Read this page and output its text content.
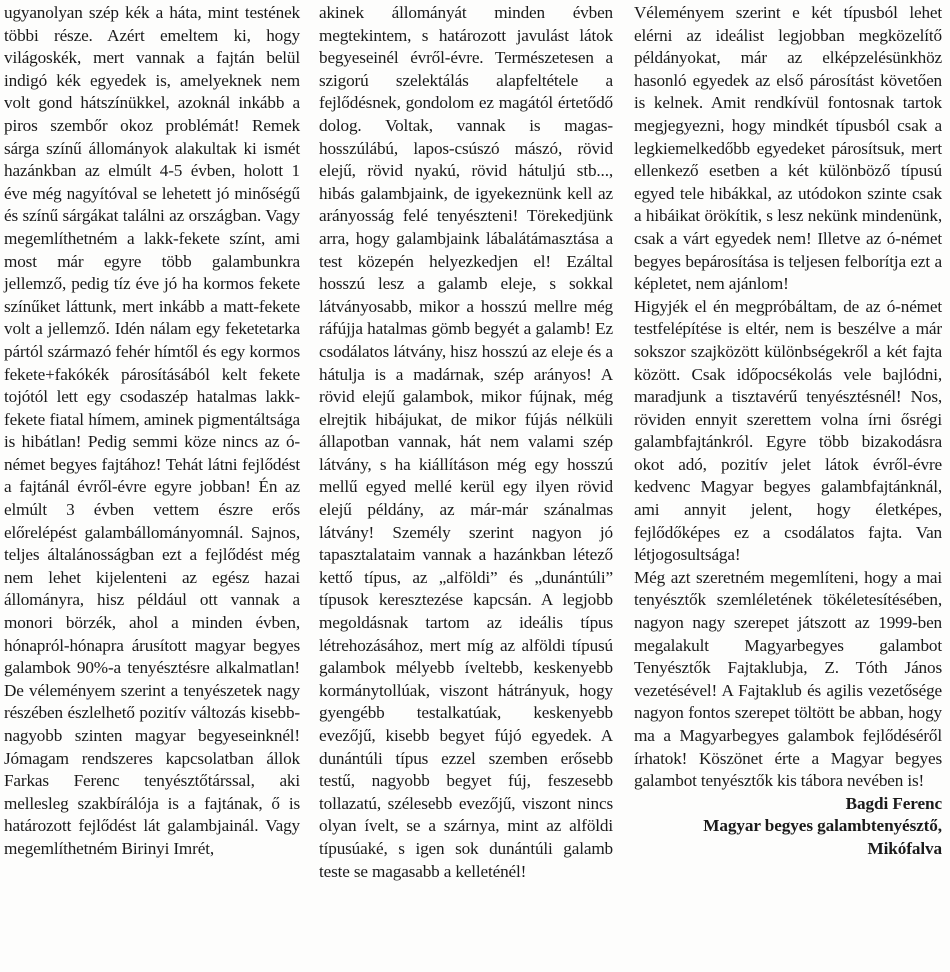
ugyanolyan szép kék a háta, mint testének többi része. Azért emeltem ki, hogy világoskék, mert vannak a fajtán belül indigó kék egyedek is, amelyeknek nem volt gond hátszínükkel, azoknál inkább a piros szembőr okoz problémát! Remek sárga színű állományok alakultak ki ismét hazánkban az elmúlt 4-5 évben, holott 1 éve még nagyítóval se lehetett jó minőségű és színű sárgákat találni az országban. Vagy megemlíthetném a lakk-fekete színt, ami most már egyre több galambunkra jellemző, pedig tíz éve jó ha kormos fekete színűket láttunk, mert inkább a matt-fekete volt a jellemző. Idén nálam egy feketetarka pártól származó fehér hímtől és egy kormos fekete+fakókék párosításából kelt fekete tojótól lett egy csodaszép hatalmas lakk-fekete fiatal hímem, aminek pigmentáltsága is hibátlan! Pedig semmi köze nincs az ó-német begyes fajtához! Tehát látni fejlődést a fajtánál évről-évre egyre jobban! Én az elmúlt 3 évben vettem észre erős előrelépést galambállományomnál. Sajnos, teljes általánosságban ezt a fejlődést még nem lehet kijelenteni az egész hazai állományra, hisz például ott vannak a monori börzék, ahol a minden évben, hónapról-hónapra árusított magyar begyes galambok 90%-a tenyésztésre alkalmatlan! De véleményem szerint a tenyészetek nagy részében észlelhető pozitív változás kisebb-nagyobb szinten magyar begyeseinknél! Jómagam rendszeres kapcsolatban állok Farkas Ferenc tenyésztőtárssal, aki mellesleg szakbírálója is a fajtának, ő is határozott fejlődést lát galambjainál. Vagy megemlíthetném Birinyi Imrét,

akinek állományát minden évben megtekintem, s határozott javulást látok begyeseinél évről-évre. Természetesen a szigorú szelektálás alapfeltétele a fejlődésnek, gondolom ez magától értetődő dolog. Voltak, vannak is magas-hosszúlábú, lapos-csúszó mászó, rövid elejű, rövid nyakú, rövid hátuljú stb..., hibás galambjaink, de igyekeznünk kell az arányosság felé tenyészteni! Törekedjünk arra, hogy galambjaink lábalátámasztása a test közepén helyezkedjen el! Ezáltal hosszú lesz a galamb eleje, s sokkal látványosabb, mikor a hosszú mellre még ráfújja hatalmas gömb begyét a galamb! Ez csodálatos látvány, hisz hosszú az eleje és a hátulja is a madárnak, szép arányos! A rövid elejű galambok, mikor fújnak, még elrejtik hibájukat, de mikor fújás nélküli állapotban vannak, hát nem valami szép látvány, s ha kiállításon még egy hosszú mellű egyed mellé kerül egy ilyen rövid elejű példány, az már-már szánalmas látvány! Személy szerint nagyon jó tapasztalataim vannak a hazánkban létező kettő típus, az „alföldi” és „dunántúli” típusok keresztezése kapcsán. A legjobb megoldásnak tartom az ideális típus létrehozásához, mert míg az alföldi típusú galambok mélyebb íveltebb, keskenyebb kormánytollúak, viszont hátrányuk, hogy gyengébb testalkatúak, keskenyebb evezőjű, kisebb begyet fújó egyedek. A dunántúli típus ezzel szemben erősebb testű, nagyobb begyet fúj, feszesebb tollazatú, szélesebb evezőjű, viszont nincs olyan ívelt, se a szárnya, mint az alföldi típusúaké, s igen sok dunántúli galamb teste se magasabb a kelleténél!

Véleményem szerint e két típusból lehet elérni az ideálist legjobban megközelítő példányokat, már az elképzelésünkhöz hasonló egyedek az első párosítást követően is kelnek. Amit rendkívül fontosnak tartok megjegyezni, hogy mindkét típusból csak a legkiemelkedőbb egyedeket párosítsuk, mert ellenkező esetben a két különböző típusú egyed tele hibákkal, az utódokon szinte csak a hibáikat örökítik, s lesz nekünk mindenünk, csak a várt egyedek nem! Illetve az ó-német begyes bepárosítása is teljesen felborítja ezt a képletet, nem ajánlom!

Higyjék el én megpróbáltam, de az ó-német testfelépítése is eltér, nem is beszélve a már sokszor szajközött különbségekről a két fajta között. Csak időpocsékolás vele bajlódni, maradjunk a tisztavérű tenyésztésnél! Nos, röviden ennyit szerettem volna írni ősrégi galambfajtánkról. Egyre több bizakodásra okot adó, pozitív jelet látok évről-évre kedvenc Magyar begyes galambfajtánknál, ami annyit jelent, hogy életképes, fejlődőképes ez a csodálatos fajta. Van létjogosultsága!

Még azt szeretném megemlíteni, hogy a mai tenyésztők szemléletének tökéletesítésében, nagyon nagy szerepet játszott az 1999-ben megalakult Magyarbegyes galambot Tenyésztők Fajtaklubja, Z. Tóth János vezetésével! A Fajtaklub és agilis vezetősége nagyon fontos szerepet töltött be abban, hogy ma a Magyarbegyes galambok fejlődéséről írhatok! Köszönet érte a Magyar begyes galambot tenyésztők kis tábora nevében is!

Bagdi Ferenc

Magyar begyes galambtenyésztő,

Mikófalva
